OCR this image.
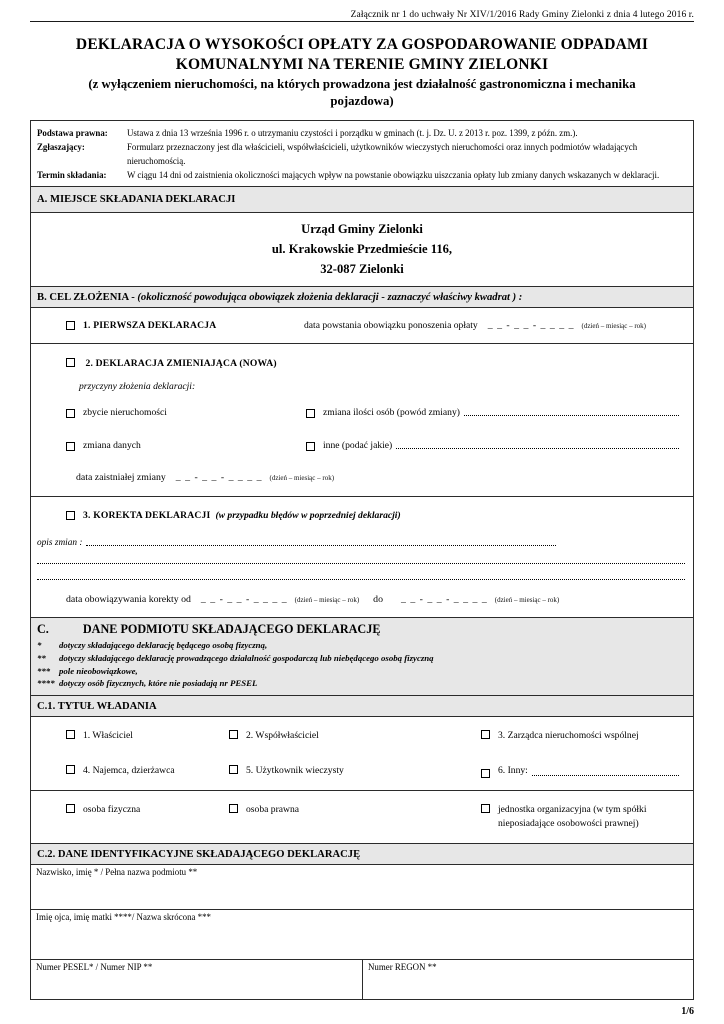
Załącznik nr 1 do uchwały Nr XIV/1/2016 Rady Gminy Zielonki z dnia 4 lutego 2016 r.
DEKLARACJA O WYSOKOŚCI OPŁATY ZA GOSPODAROWANIE ODPADAMI
KOMUNALNYMI NA TERENIE GMINY ZIELONKI
(z wyłączeniem nieruchomości, na których prowadzona jest działalność gastronomiczna i mechanika
pojazdowa)
Podstawa prawna:	Ustawa z dnia 13 września 1996 r. o utrzymaniu czystości i porządku w gminach (t. j. Dz. U. z 2013 r. poz. 1399, z późn. zm.).
Zgłaszający:	Formularz przeznaczony jest dla właścicieli, współwłaścicieli, użytkowników wieczystych nieruchomości oraz innych podmiotów władających nieruchomością.
Termin składania:	W ciągu 14 dni od zaistnienia okoliczności mających wpływ na powstanie obowiązku uiszczania opłaty lub zmiany danych wskazanych w deklaracji.
A. MIEJSCE SKŁADANIA DEKLARACJI
Urząd Gminy Zielonki
ul. Krakowskie Przedmieście 116,
32-087 Zielonki
B. CEL ZŁOŻENIA - (okoliczność powodująca obowiązek złożenia deklaracji - zaznaczyć właściwy kwadrat ) :
1. PIERWSZA DEKLARACJA	data powstania obowiązku ponoszenia opłaty _ _ - _ _ - _ _ _ _ (dzień – miesiąc – rok)
2. DEKLARACJA ZMIENIAJĄCA (NOWA)
przyczyny złożenia deklaracji:
zbycie nieruchomości	zmiana ilości osób (powód zmiany)
zmiana danych	inne (podać jakie)
data zaistniałej zmiany _ _ - _ _ - _ _ _ _ (dzień – miesiąc – rok)
3. KOREKTA DEKLARACJI (w przypadku błędów w poprzedniej deklaracji)
opis zmian :
data obowiązywania korekty od _ _ - _ _ - _ _ _ _ (dzień – miesiąc – rok) do _ _ - _ _ - _ _ _ _ (dzień – miesiąc – rok)
C.	DANE PODMIOTU SKŁADAJĄCEGO DEKLARACJĘ
*	dotyczy składającego deklarację będącego osobą fizyczną,
**	dotyczy składającego deklarację prowadzącego działalność gospodarczą lub niebędącego osobą fizyczną
*** pole nieobowiązkowe,
**** dotyczy osób fizycznych, które nie posiadają nr PESEL
C.1. TYTUŁ WŁADANIA
1. Właściciel	2. Współwłaściciel	3. Zarządca nieruchomości wspólnej
4. Najemca, dzierżawca	5. Użytkownik wieczysty	6. Inny:
osoba fizyczna	osoba prawna	jednostka organizacyjna (w tym spółki nieposiadające osobowości prawnej)
C.2. DANE IDENTYFIKACYJNE SKŁADAJĄCEGO DEKLARACJĘ
Nazwisko, imię * / Pełna nazwa podmiotu **
Imię ojca, imię matki ****/ Nazwa skrócona ***
Numer PESEL* / Numer NIP **	Numer REGON **
1/6
